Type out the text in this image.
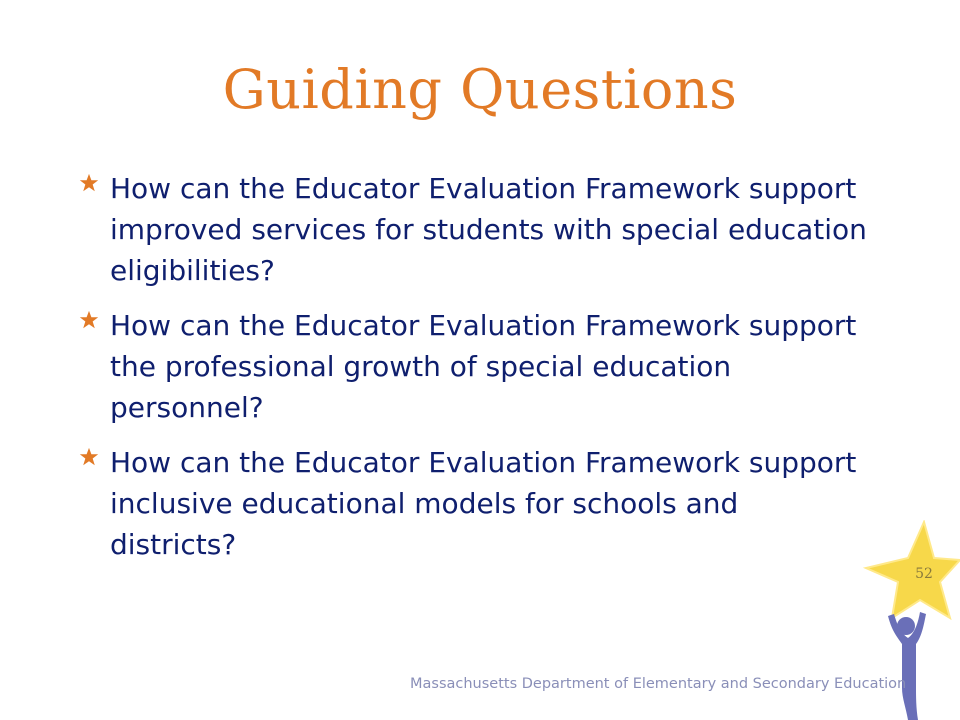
Guiding Questions
How can the Educator Evaluation Framework support improved services for students with special education eligibilities?
How can the Educator Evaluation Framework support the professional growth of special education personnel?
How can the Educator Evaluation Framework support inclusive educational models for schools and districts?
52
Massachusetts Department of Elementary and Secondary Education
